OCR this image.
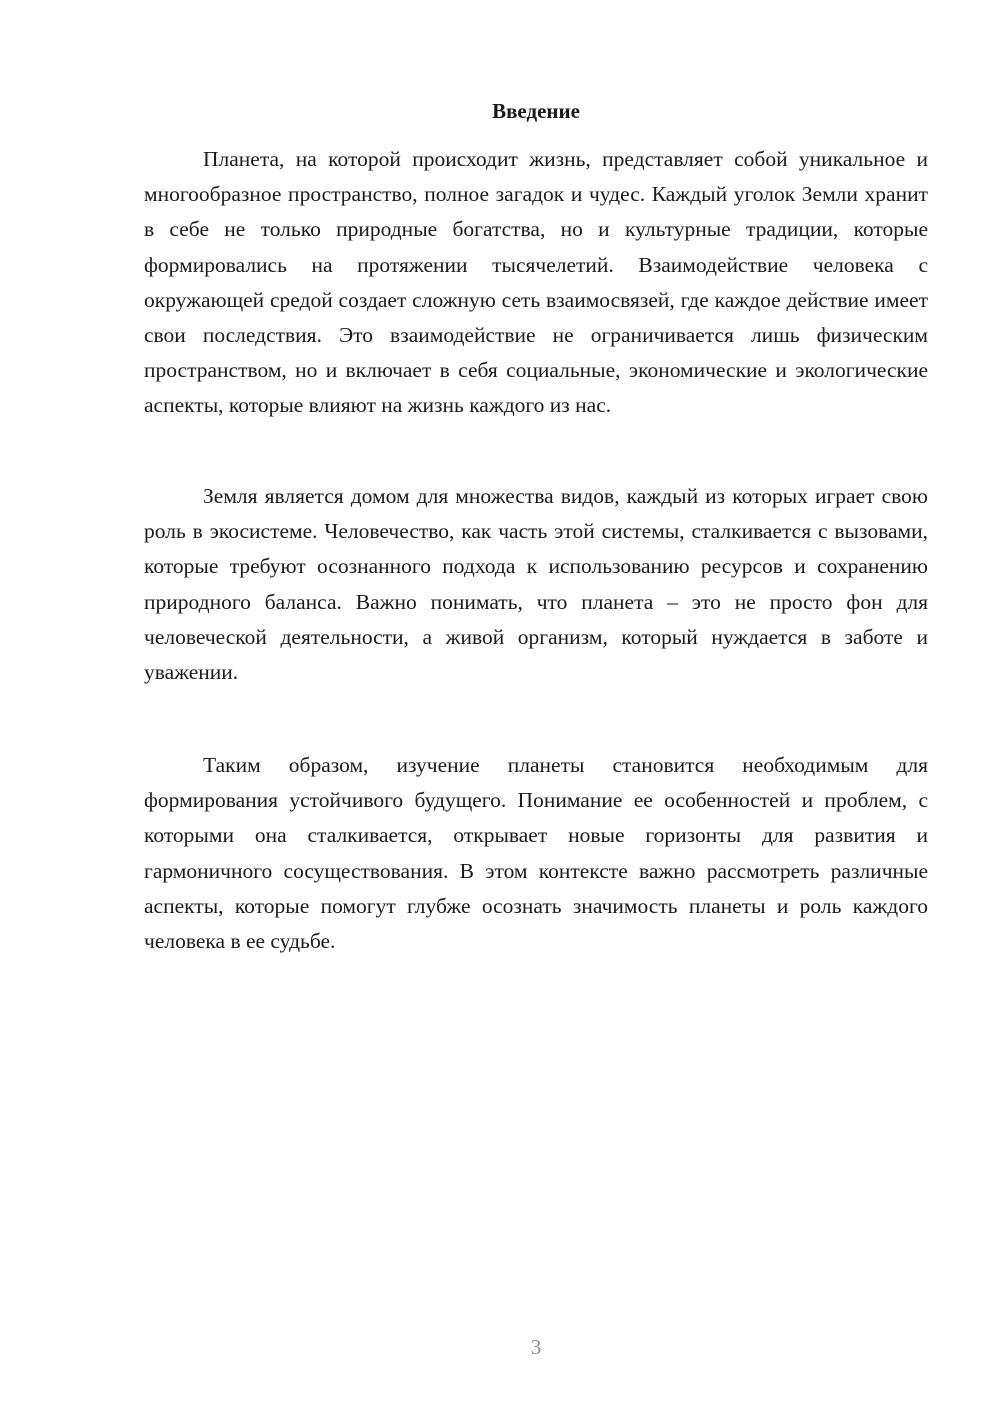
Введение

Планета, на которой происходит жизнь, представляет собой уникальное и многообразное пространство, полное загадок и чудес. Каждый уголок Земли хранит в себе не только природные богатства, но и культурные традиции, которые формировались на протяжении тысячелетий. Взаимодействие человека с окружающей средой создает сложную сеть взаимосвязей, где каждое действие имеет свои последствия. Это взаимодействие не ограничивается лишь физическим пространством, но и включает в себя социальные, экономические и экологические аспекты, которые влияют на жизнь каждого из нас.

Земля является домом для множества видов, каждый из которых играет свою роль в экосистеме. Человечество, как часть этой системы, сталкивается с вызовами, которые требуют осознанного подхода к использованию ресурсов и сохранению природного баланса. Важно понимать, что планета – это не просто фон для человеческой деятельности, а живой организм, который нуждается в заботе и уважении.

Таким образом, изучение планеты становится необходимым для формирования устойчивого будущего. Понимание ее особенностей и проблем, с которыми она сталкивается, открывает новые горизонты для развития и гармоничного сосуществования. В этом контексте важно рассмотреть различные аспекты, которые помогут глубже осознать значимость планеты и роль каждого человека в ее судьбе.

3
